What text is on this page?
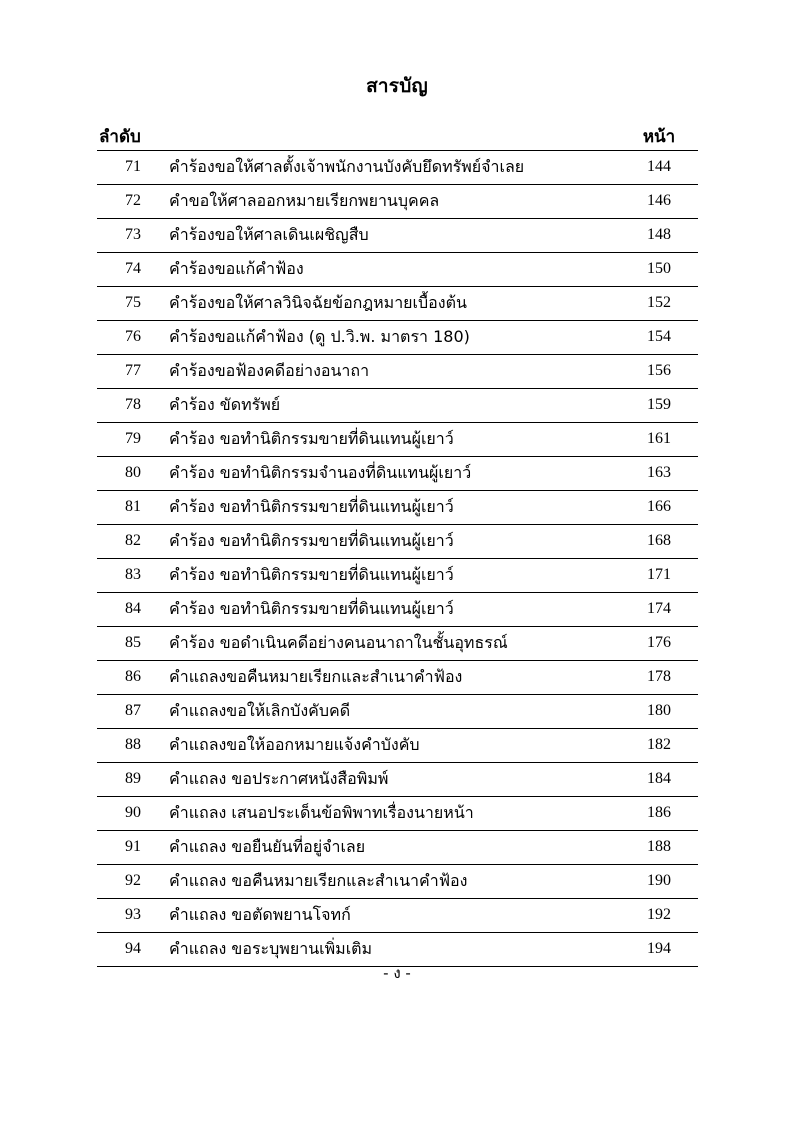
สารบัญ
ลำดับ	หน้า
71	คำร้องขอให้ศาลตั้งเจ้าพนักงานบังคับยึดทรัพย์จำเลย	144
72	คำขอให้ศาลออกหมายเรียกพยานบุคคล	146
73	คำร้องขอให้ศาลเดินเผชิญสืบ	148
74	คำร้องขอแก้คำฟ้อง	150
75	คำร้องขอให้ศาลวินิจฉัยข้อกฎหมายเบื้องต้น	152
76	คำร้องขอแก้คำฟ้อง (ดู ป.วิ.พ. มาตรา 180)	154
77	คำร้องขอฟ้องคดีอย่างอนาถา	156
78	คำร้อง ขัดทรัพย์	159
79	คำร้อง ขอทำนิติกรรมขายที่ดินแทนผู้เยาว์	161
80	คำร้อง ขอทำนิติกรรมจำนองที่ดินแทนผู้เยาว์	163
81	คำร้อง ขอทำนิติกรรมขายที่ดินแทนผู้เยาว์	166
82	คำร้อง ขอทำนิติกรรมขายที่ดินแทนผู้เยาว์	168
83	คำร้อง ขอทำนิติกรรมขายที่ดินแทนผู้เยาว์	171
84	คำร้อง ขอทำนิติกรรมขายที่ดินแทนผู้เยาว์	174
85	คำร้อง ขอดำเนินคดีอย่างคนอนาถาในชั้นอุทธรณ์	176
86	คำแถลงขอคืนหมายเรียกและสำเนาคำฟ้อง	178
87	คำแถลงขอให้เลิกบังคับคดี	180
88	คำแถลงขอให้ออกหมายแจ้งคำบังคับ	182
89	คำแถลง ขอประกาศหนังสือพิมพ์	184
90	คำแถลง เสนอประเด็นข้อพิพาทเรื่องนายหน้า	186
91	คำแถลง ขอยืนยันที่อยู่จำเลย	188
92	คำแถลง ขอคืนหมายเรียกและสำเนาคำฟ้อง	190
93	คำแถลง ขอตัดพยานโจทก์	192
94	คำแถลง ขอระบุพยานเพิ่มเติม	194
- ง -
